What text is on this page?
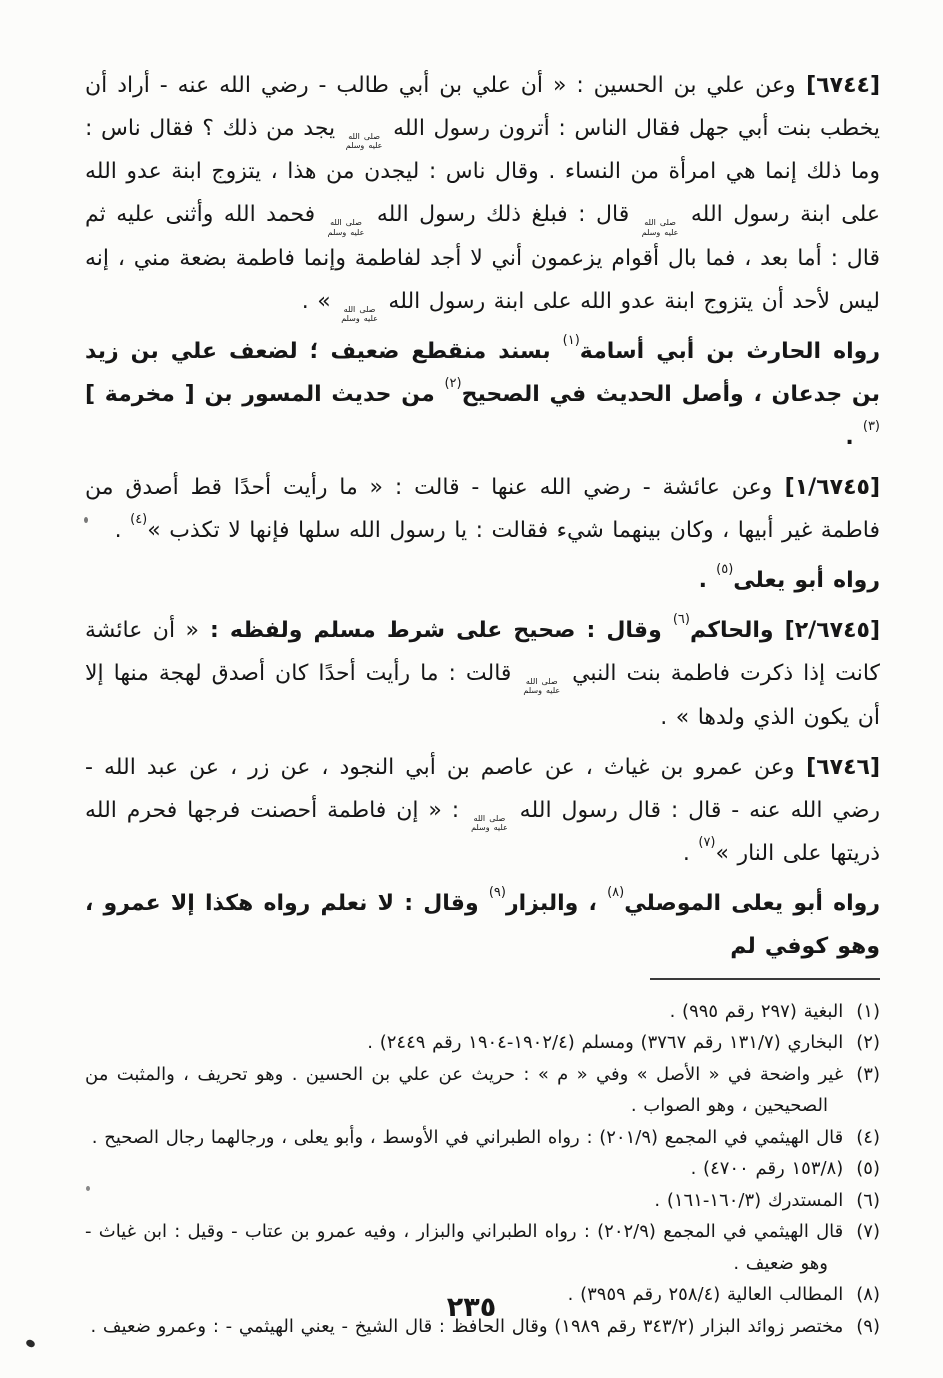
[٦٧٤٤] وعن علي بن الحسين : « أن علي بن أبي طالب - رضي الله عنه - أراد أن يخطب بنت أبي جهل فقال الناس : أترون رسول الله
صلى الله
عليه وسلم
يجد من ذلك ؟ فقال ناس : وما ذلك إنما هي امرأة من النساء . وقال ناس : ليجدن من هذا ، يتزوج ابنة عدو الله على ابنة رسول الله
صلى الله
عليه وسلم
قال : فبلغ ذلك رسول الله
صلى الله
عليه وسلم
فحمد الله وأثنى عليه ثم قال : أما بعد ، فما بال أقوام يزعمون أني لا أجد لفاطمة وإنما فاطمة بضعة مني ، إنه ليس لأحد أن يتزوج ابنة عدو الله على ابنة رسول الله
صلى الله
عليه وسلم
» .

رواه الحارث بن أبي أسامة$^{(١)}$ بسند منقطع ضعيف ؛ لضعف علي بن زيد بن جدعان ، وأصل الحديث في الصحيح$^{(٢)}$ من حديث المسور بن [ مخرمة ]$^{(٣)}$ .

[١/٦٧٤٥] وعن عائشة - رضي الله عنها - قالت : « ما رأيت أحدًا قط أصدق من فاطمة غير أبيها ، وكان بينهما شيء فقالت : يا رسول الله سلها فإنها لا تكذب »$^{(٤)}$ .

رواه أبو يعلى$^{(٥)}$ .

[٢/٦٧٤٥] والحاكم$^{(٦)}$ وقال : صحيح على شرط مسلم ولفظه : « أن عائشة كانت إذا ذكرت فاطمة بنت النبي
صلى الله
عليه وسلم
قالت : ما رأيت أحدًا كان أصدق لهجة منها إلا أن يكون الذي ولدها » .

[٦٧٤٦] وعن عمرو بن غياث ، عن عاصم بن أبي النجود ، عن زر ، عن عبد الله - رضي الله عنه - قال : قال رسول الله
صلى الله
عليه وسلم
: « إن فاطمة أحصنت فرجها فحرم الله ذريتها على النار »$^{(٧)}$ .

رواه أبو يعلى الموصلي$^{(٨)}$ ، والبزار$^{(٩)}$ وقال : لا نعلم رواه هكذا إلا عمرو ، وهو كوفي لم

(١)البغية (٢٩٧ رقم ٩٩٥) .
(٢)البخاري (١٣١/٧ رقم ٣٧٦٧) ومسلم (١٩٠٢/٤-١٩٠٤ رقم ٢٤٤٩) .
(٣)غير واضحة في « الأصل » وفي « م » : حريث عن علي بن الحسين . وهو تحريف ، والمثبت من الصحيحين ، وهو الصواب .
(٤)قال الهيثمي في المجمع (٢٠١/٩) : رواه الطبراني في الأوسط ، وأبو يعلى ، ورجالهما رجال الصحيح .
(٥)(١٥٣/٨ رقم ٤٧٠٠) .
(٦)المستدرك (١٦٠/٣-١٦١) .
(٧)قال الهيثمي في المجمع (٢٠٢/٩) : رواه الطبراني والبزار ، وفيه عمرو بن عتاب - وقيل : ابن غياث - وهو ضعيف .
(٨)المطالب العالية (٢٥٨/٤ رقم ٣٩٥٩) .
(٩)مختصر زوائد البزار (٣٤٣/٢ رقم ١٩٨٩) وقال الحافظ : قال الشيخ - يعني الهيثمي - : وعمرو ضعيف .
٢٣٥
